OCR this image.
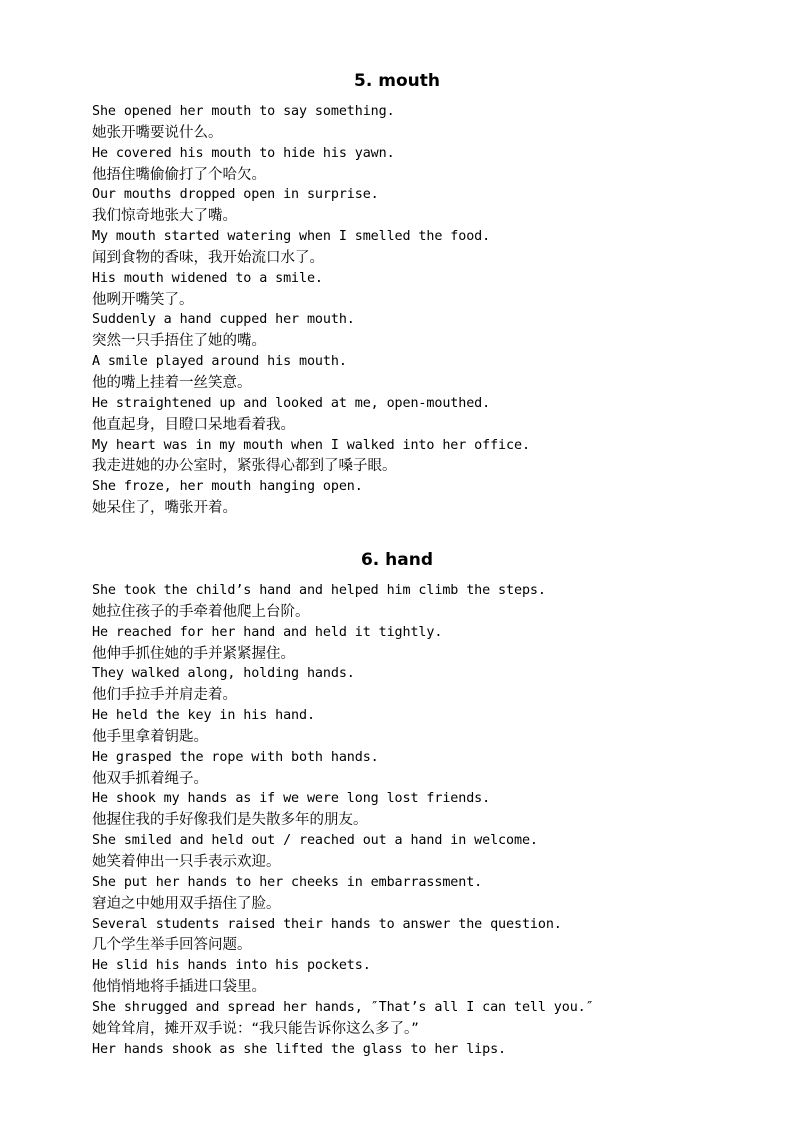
5. mouth
She opened her mouth to say something.
她张开嘴要说什么。
He covered his mouth to hide his yawn.
他捂住嘴偷偷打了个哈欠。
Our mouths dropped open in surprise.
我们惊奇地张大了嘴。
My mouth started watering when I smelled the food.
闻到食物的香味，我开始流口水了。
His mouth widened to a smile.
他咧开嘴笑了。
Suddenly a hand cupped her mouth.
突然一只手捂住了她的嘴。
A smile played around his mouth.
他的嘴上挂着一丝笑意。
He straightened up and looked at me, open-mouthed.
他直起身，目瞪口呆地看着我。
My heart was in my mouth when I walked into her office.
我走进她的办公室时，紧张得心都到了嗓子眼。
She froze, her mouth hanging open.
她呆住了，嘴张开着。
6. hand
She took the child’s hand and helped him climb the steps.
她拉住孩子的手牵着他爬上台阶。
He reached for her hand and held it tightly.
他伸手抓住她的手并紧紧握住。
They walked along, holding hands.
他们手拉手并肩走着。
He held the key in his hand.
他手里拿着钥匙。
He grasped the rope with both hands.
他双手抓着绳子。
He shook my hands as if we were long lost friends.
他握住我的手好像我们是失散多年的朋友。
She smiled and held out / reached out a hand in welcome.
她笑着伸出一只手表示欢迎。
She put her hands to her cheeks in embarrassment.
窘迫之中她用双手捂住了脸。
Several students raised their hands to answer the question.
几个学生举手回答问题。
He slid his hands into his pockets.
他悄悄地将手插进口袋里。
She shrugged and spread her hands, ″That’s all I can tell you.″
她耸耸肩，摊开双手说：“我只能告诉你这么多了。”
Her hands shook as she lifted the glass to her lips.
